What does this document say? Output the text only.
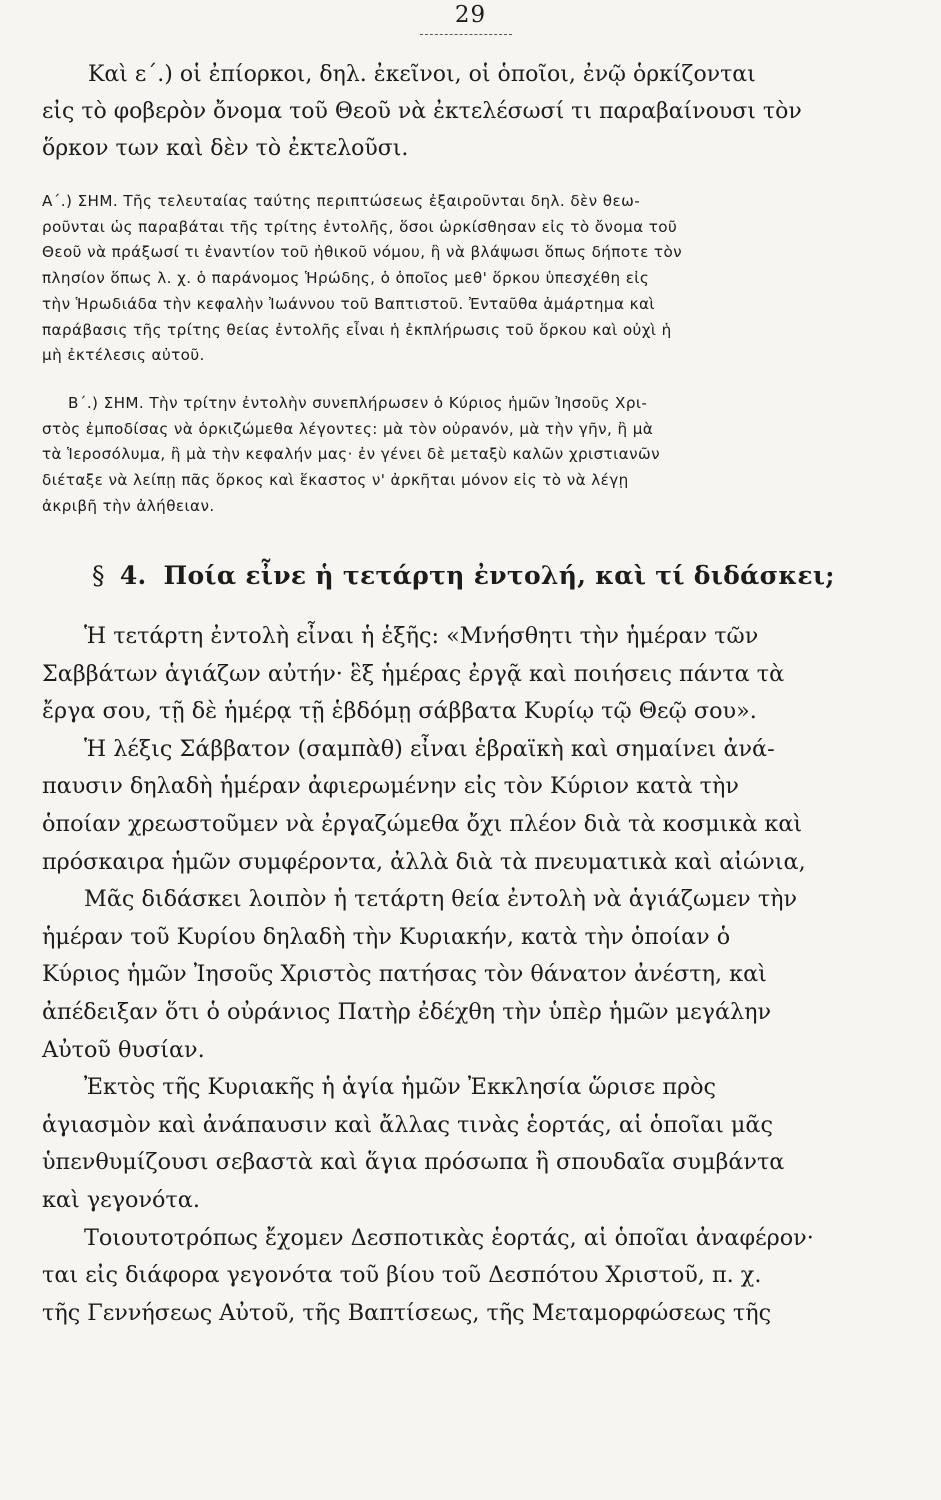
29
Καὶ ε΄.) οἱ ἐπίορκοι, δηλ. ἐκεῖνοι, οἱ ὁποῖοι, ἐνῷ ὁρκίζονται
εἰς τὸ φοβερὸν ὄνομα τοῦ Θεοῦ νὰ ἐκτελέσωσί τι παραβαίνουσι τὸν
ὅρκον των καὶ δὲν τὸ ἐκτελοῦσι.
Α΄.) ΣΗΜ. Τῆς τελευταίας ταύτης περιπτώσεως ἐξαιροῦνται δηλ. δὲν θεω-
ροῦνται ὡς παραβάται τῆς τρίτης ἐντολῆς, ὅσοι ὡρκίσθησαν εἰς τὸ ὄνομα τοῦ
Θεοῦ νὰ πράξωσί τι ἐναντίον τοῦ ἠθικοῦ νόμου, ἢ νὰ βλάψωσι ὅπως δήποτε τὸν
πλησίον ὅπως λ. χ. ὁ παράνομος Ἡρώδης, ὁ ὁποῖος μεθ' ὅρκου ὑπεσχέθη εἰς
τὴν Ἡρωδιάδα τὴν κεφαλὴν Ἰωάννου τοῦ Βαπτιστοῦ. Ἐνταῦθα ἁμάρτημα καὶ
παράβασις τῆς τρίτης θείας ἐντολῆς εἶναι ἡ ἐκπλήρωσις τοῦ ὅρκου καὶ οὐχὶ ἡ
μὴ ἐκτέλεσις αὐτοῦ.
Β΄.) ΣΗΜ. Τὴν τρίτην ἐντολὴν συνεπλήρωσεν ὁ Κύριος ἡμῶν Ἰησοῦς Χρι-
στὸς ἐμποδίσας νὰ ὁρκιζώμεθα λέγοντες: μὰ τὸν οὐρανόν, μὰ τὴν γῆν, ἢ μὰ
τὰ Ἱεροσόλυμα, ἢ μὰ τὴν κεφαλήν μας· ἐν γένει δὲ μεταξὺ καλῶν χριστιανῶν
διέταξε νὰ λείπῃ πᾶς ὅρκος καὶ ἕκαστος ν' ἀρκῆται μόνον εἰς τὸ νὰ λέγῃ
ἀκριβῆ τὴν ἀλήθειαν.
§ 4. Ποία εἶνε ἡ τετάρτη ἐντολή, καὶ τί διδάσκει;
Ἡ τετάρτη ἐντολὴ εἶναι ἡ ἑξῆς: «Μνήσθητι τὴν ἡμέραν τῶν
Σαββάτων ἁγιάζων αὐτήν· ἓξ ἡμέρας ἐργᾷ καὶ ποιήσεις πάντα τὰ
ἔργα σου, τῇ δὲ ἡμέρᾳ τῇ ἑβδόμῃ σάββατα Κυρίῳ τῷ Θεῷ σου».
Ἡ λέξις Σάββατον (σαμπὰθ) εἶναι ἑβραϊκὴ καὶ σημαίνει ἀνά-
παυσιν δηλαδὴ ἡμέραν ἀφιερωμένην εἰς τὸν Κύριον κατὰ τὴν
ὁποίαν χρεωστοῦμεν νὰ ἐργαζώμεθα ὄχι πλέον διὰ τὰ κοσμικὰ καὶ
πρόσκαιρα ἡμῶν συμφέροντα, ἀλλὰ διὰ τὰ πνευματικὰ καὶ αἰώνια,
Μᾶς διδάσκει λοιπὸν ἡ τετάρτη θεία ἐντολὴ νὰ ἁγιάζωμεν τὴν
ἡμέραν τοῦ Κυρίου δηλαδὴ τὴν Κυριακήν, κατὰ τὴν ὁποίαν ὁ
Κύριος ἡμῶν Ἰησοῦς Χριστὸς πατήσας τὸν θάνατον ἀνέστη, καὶ
ἀπέδειξαν ὅτι ὁ οὐράνιος Πατὴρ ἐδέχθη τὴν ὑπὲρ ἡμῶν μεγάλην
Αὐτοῦ θυσίαν.
Ἐκτὸς τῆς Κυριακῆς ἡ ἁγία ἡμῶν Ἐκκλησία ὥρισε πρὸς
ἁγιασμὸν καὶ ἀνάπαυσιν καὶ ἄλλας τινὰς ἑορτάς, αἱ ὁποῖαι μᾶς
ὑπενθυμίζουσι σεβαστὰ καὶ ἅγια πρόσωπα ἢ σπουδαῖα συμβάντα
καὶ γεγονότα.
Τοιουτοτρόπως ἔχομεν Δεσποτικὰς ἑορτάς, αἱ ὁποῖαι ἀναφέρον·
ται εἰς διάφορα γεγονότα τοῦ βίου τοῦ Δεσπότου Χριστοῦ, π. χ.
τῆς Γεννήσεως Αὐτοῦ, τῆς Βαπτίσεως, τῆς Μεταμορφώσεως τῆς
